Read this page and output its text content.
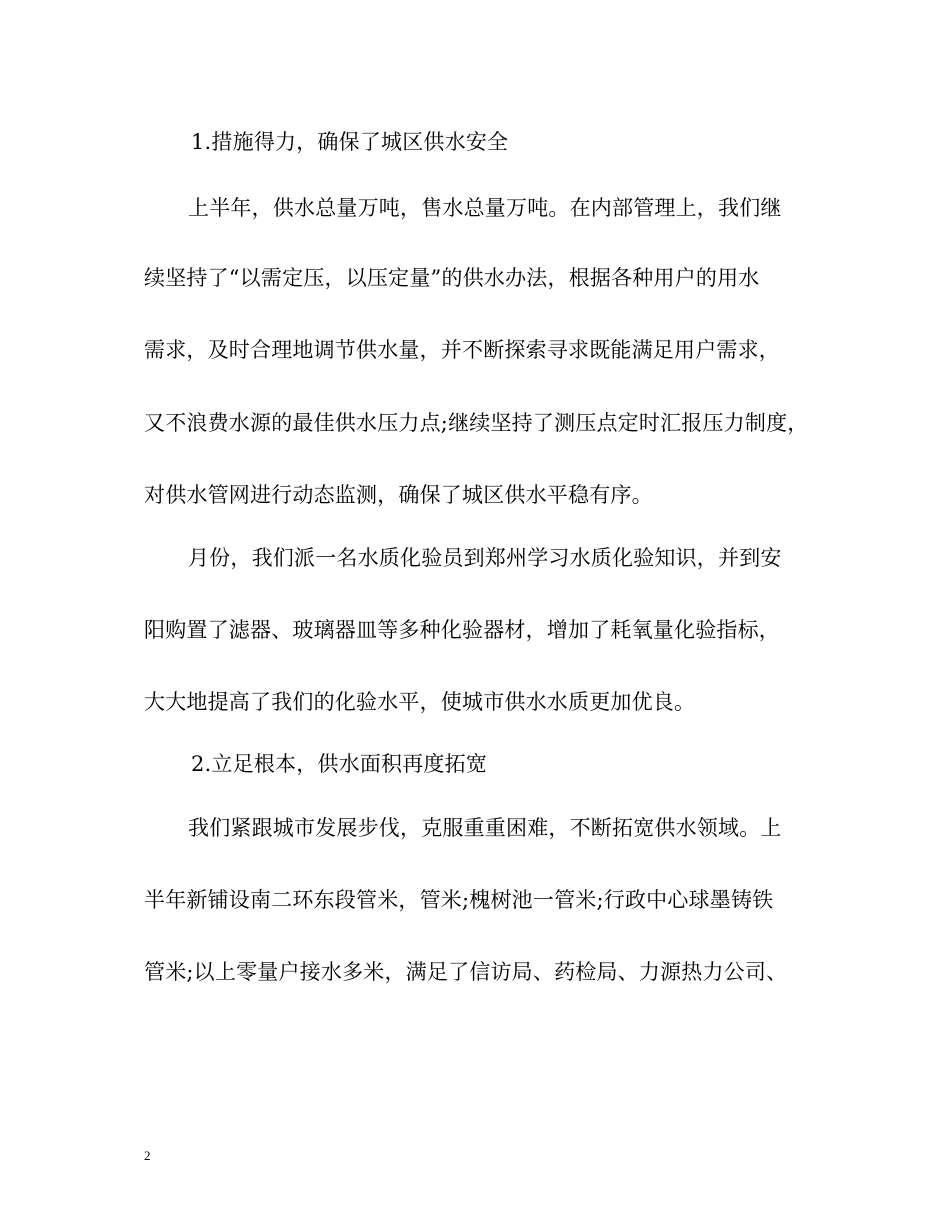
1.措施得力，确保了城区供水安全
上半年，供水总量万吨，售水总量万吨。在内部管理上，我们继
续坚持了“以需定压，以压定量”的供水办法，根据各种用户的用水
需求，及时合理地调节供水量，并不断探索寻求既能满足用户需求，
又不浪费水源的最佳供水压力点;继续坚持了测压点定时汇报压力制度，
对供水管网进行动态监测，确保了城区供水平稳有序。
月份，我们派一名水质化验员到郑州学习水质化验知识，并到安
阳购置了滤器、玻璃器皿等多种化验器材，增加了耗氧量化验指标，
大大地提高了我们的化验水平，使城市供水水质更加优良。
2.立足根本，供水面积再度拓宽
我们紧跟城市发展步伐，克服重重困难，不断拓宽供水领域。上
半年新铺设南二环东段管米，管米;槐树池一管米;行政中心球墨铸铁
管米;以上零量户接水多米，满足了信访局、药检局、力源热力公司、
2
